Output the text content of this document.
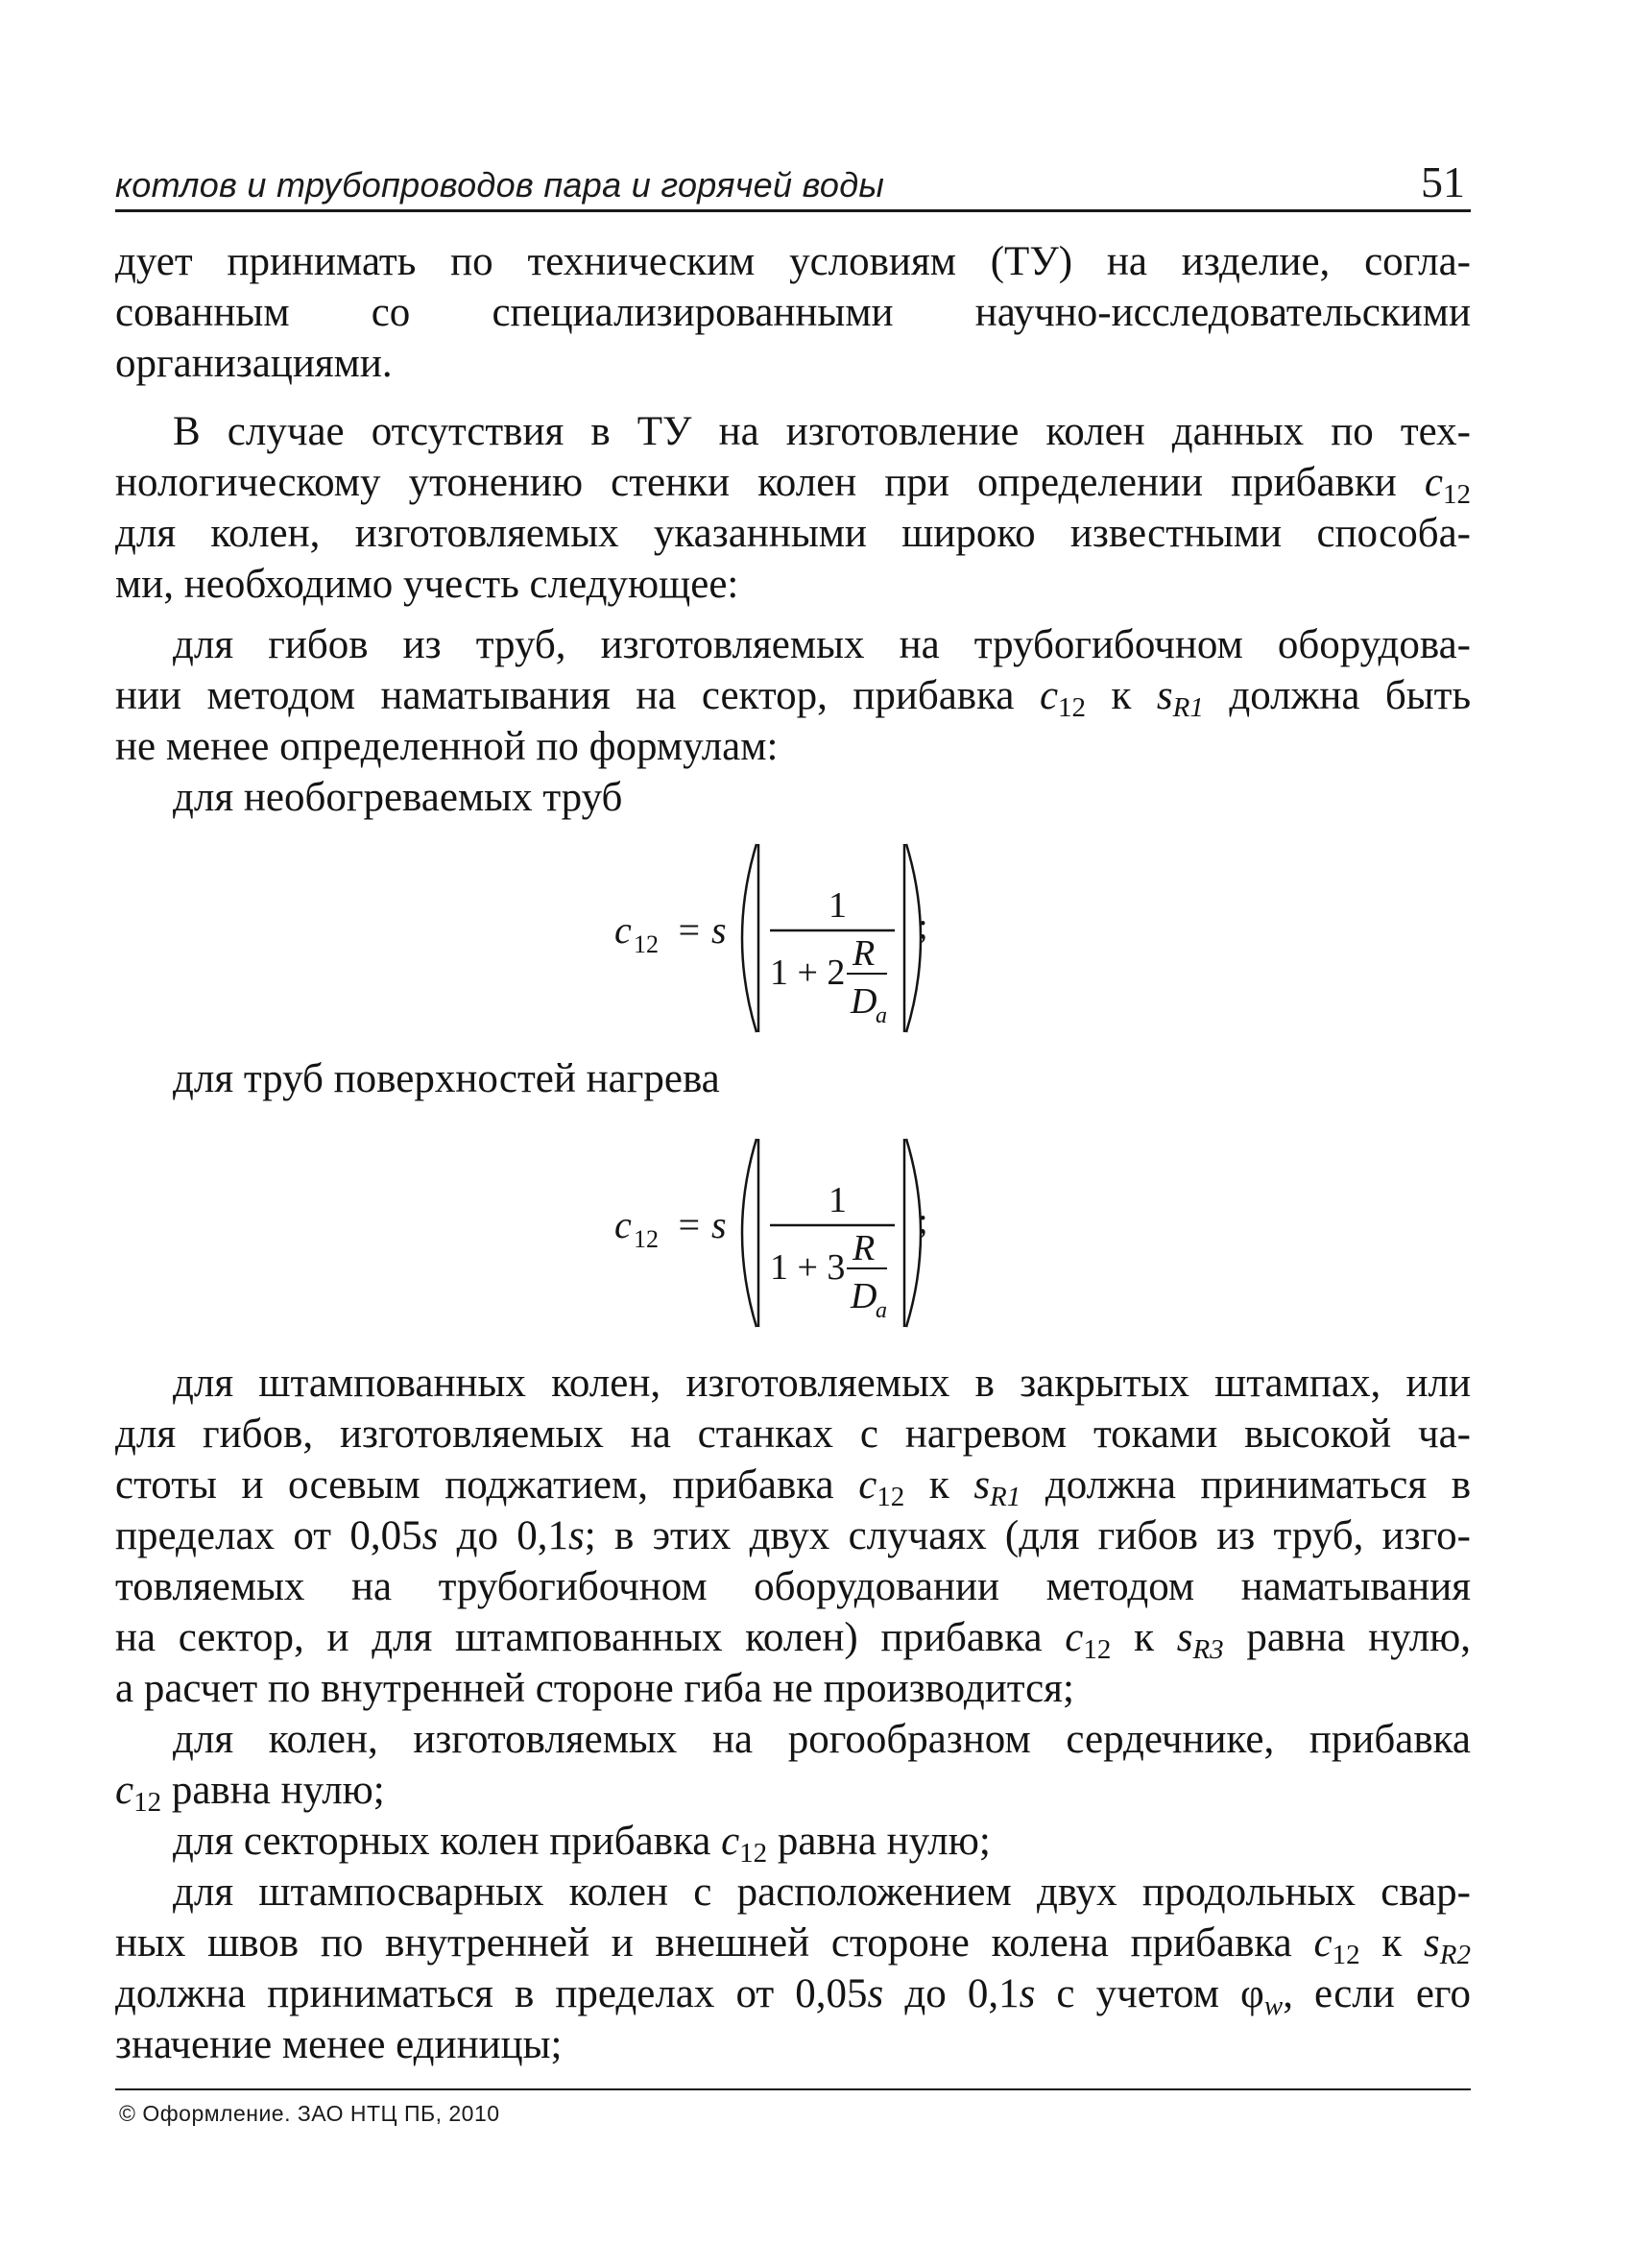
котлов и трубопроводов пара и горячей воды	51
дует принимать по техническим условиям (ТУ) на изделие, согла-
сованным со специализированными научно-исследовательскими
организациями.
В случае отсутствия в ТУ на изготовление колен данных по тех-
нологическому утонению стенки колен при определении прибавки $c_{12}$
для колен, изготовляемых указанными широко известными способа-
ми, необходимо учесть следующее:
для гибов из труб, изготовляемых на трубогибочном оборудова-
нии методом наматывания на сектор, прибавка $c_{12}$ к $s_{R1}$ должна быть
не менее определенной по формулам:
для необогреваемых труб
c 12 = s
1
1 + 2 R
D
a
;
для труб поверхностей нагрева
c 12 = s
1
1 + 3 R
D
a
;
для штампованных колен, изготовляемых в закрытых штампах, или
для гибов, изготовляемых на станках с нагревом токами высокой ча-
стоты и осевым поджатием, прибавка $c_{12}$ к $s_{R1}$ должна приниматься в
пределах от 0,05s до 0,1s; в этих двух случаях (для гибов из труб, изго-
товляемых на трубогибочном оборудовании методом наматывания
на сектор, и для штампованных колен) прибавка $c_{12}$ к $s_{R3}$ равна нулю,
а расчет по внутренней стороне гиба не производится;
для колен, изготовляемых на рогообразном сердечнике, прибавка
$c_{12}$ равна нулю;
для секторных колен прибавка $c_{12}$ равна нулю;
для штампосварных колен с расположением двух продольных свар-
ных швов по внутренней и внешней стороне колена прибавка $c_{12}$ к $s_{R2}$
должна приниматься в пределах от 0,05s до 0,1s с учетом $\varphi_w$, если его
значение менее единицы;
© Оформление. ЗАО НТЦ ПБ, 2010
